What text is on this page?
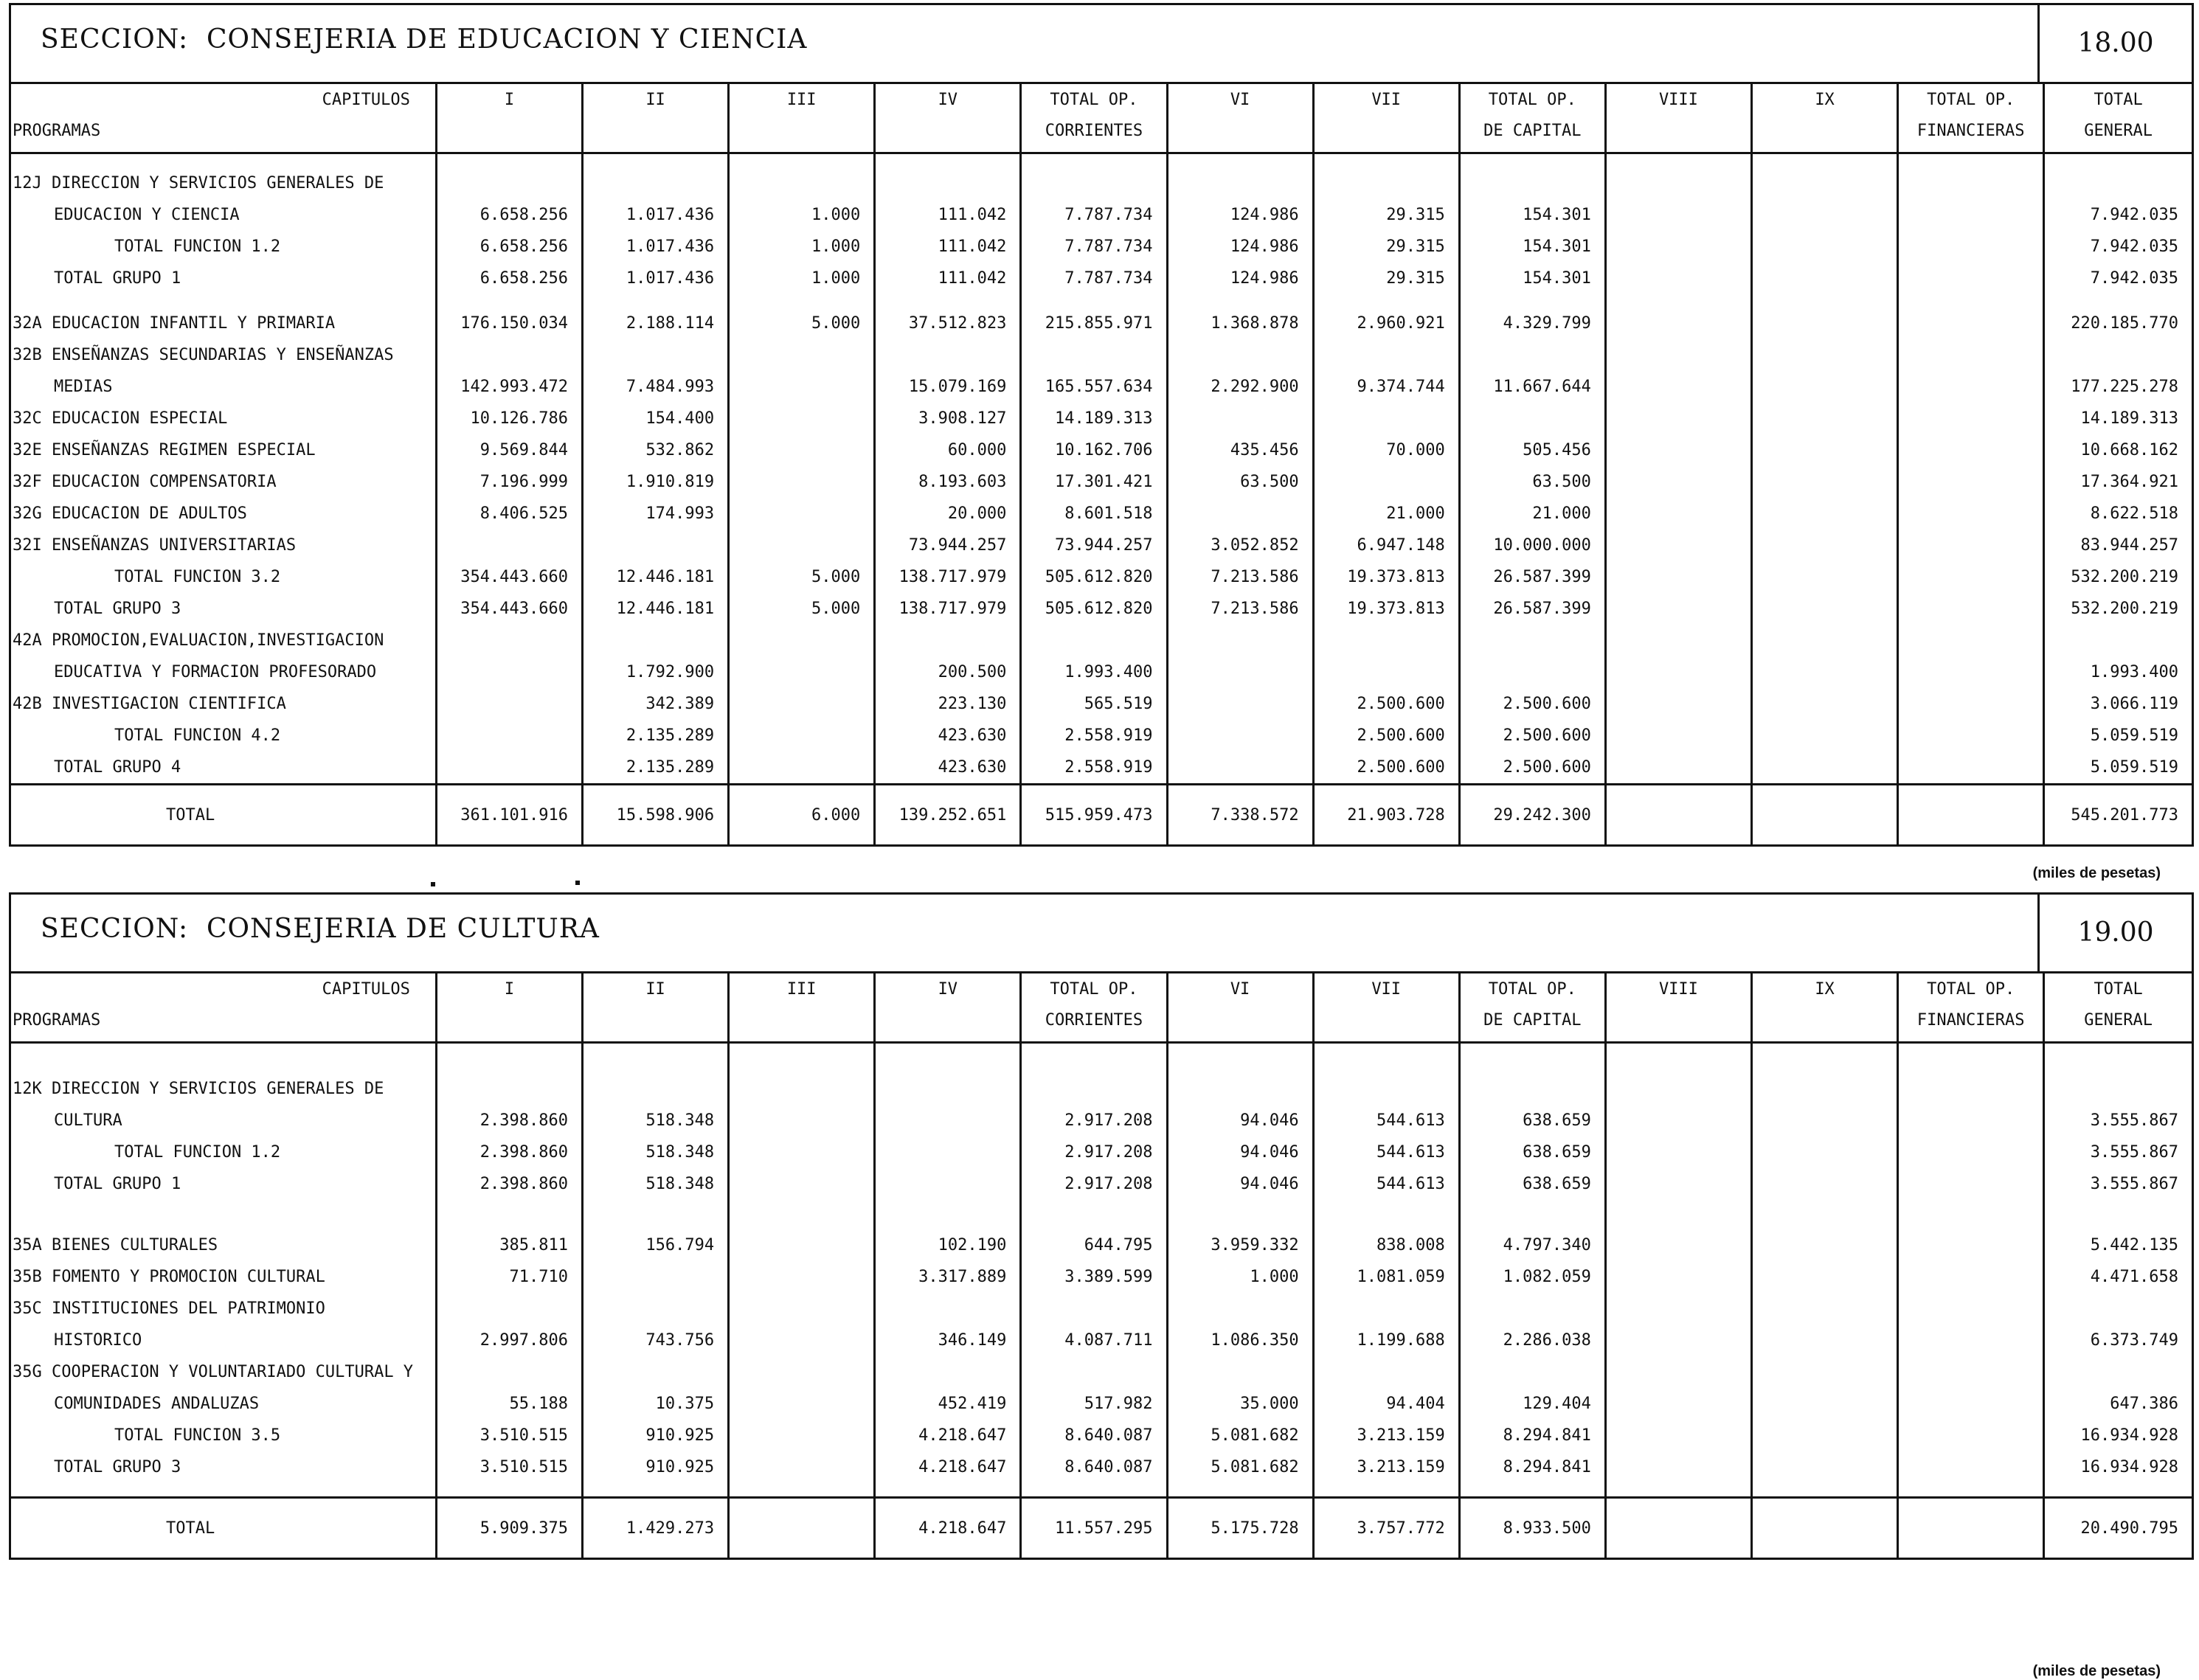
SECCION:  CONSEJERIA DE EDUCACION Y CIENCIA	18.00
CAPITULOS	I	II	III	IV	TOTAL OP.	VI	VII	TOTAL OP.	VIII	IX	TOTAL OP.	TOTAL
PROGRAMAS					CORRIENTES			DE CAPITAL			FINANCIERAS	GENERAL

12J DIRECCION Y SERVICIOS GENERALES DE												
EDUCACION Y CIENCIA	6.658.256	1.017.436	1.000	111.042	7.787.734	124.986	29.315	154.301				7.942.035
TOTAL FUNCION 1.2	6.658.256	1.017.436	1.000	111.042	7.787.734	124.986	29.315	154.301				7.942.035
TOTAL GRUPO 1	6.658.256	1.017.436	1.000	111.042	7.787.734	124.986	29.315	154.301				7.942.035

32A EDUCACION INFANTIL Y PRIMARIA	176.150.034	2.188.114	5.000	37.512.823	215.855.971	1.368.878	2.960.921	4.329.799				220.185.770
32B ENSEÑANZAS SECUNDARIAS Y ENSEÑANZAS												
MEDIAS	142.993.472	7.484.993		15.079.169	165.557.634	2.292.900	9.374.744	11.667.644				177.225.278
32C EDUCACION ESPECIAL	10.126.786	154.400		3.908.127	14.189.313							14.189.313
32E ENSEÑANZAS REGIMEN ESPECIAL	9.569.844	532.862		60.000	10.162.706	435.456	70.000	505.456				10.668.162
32F EDUCACION COMPENSATORIA	7.196.999	1.910.819		8.193.603	17.301.421	63.500		63.500				17.364.921
32G EDUCACION DE ADULTOS	8.406.525	174.993		20.000	8.601.518		21.000	21.000				8.622.518
32I ENSEÑANZAS UNIVERSITARIAS				73.944.257	73.944.257	3.052.852	6.947.148	10.000.000				83.944.257
TOTAL FUNCION 3.2	354.443.660	12.446.181	5.000	138.717.979	505.612.820	7.213.586	19.373.813	26.587.399				532.200.219
TOTAL GRUPO 3	354.443.660	12.446.181	5.000	138.717.979	505.612.820	7.213.586	19.373.813	26.587.399				532.200.219
42A PROMOCION,EVALUACION,INVESTIGACION												
EDUCATIVA Y FORMACION PROFESORADO		1.792.900		200.500	1.993.400							1.993.400
42B INVESTIGACION CIENTIFICA		342.389		223.130	565.519		2.500.600	2.500.600				3.066.119
TOTAL FUNCION 4.2		2.135.289		423.630	2.558.919		2.500.600	2.500.600				5.059.519
TOTAL GRUPO 4		2.135.289		423.630	2.558.919		2.500.600	2.500.600				5.059.519
TOTAL	361.101.916	15.598.906	6.000	139.252.651	515.959.473	7.338.572	21.903.728	29.242.300				545.201.773
(miles de pesetas)
SECCION:  CONSEJERIA DE CULTURA	19.00
CAPITULOS	I	II	III	IV	TOTAL OP.	VI	VII	TOTAL OP.	VIII	IX	TOTAL OP.	TOTAL
PROGRAMAS					CORRIENTES			DE CAPITAL			FINANCIERAS	GENERAL

12K DIRECCION Y SERVICIOS GENERALES DE												
CULTURA	2.398.860	518.348			2.917.208	94.046	544.613	638.659				3.555.867
TOTAL FUNCION 1.2	2.398.860	518.348			2.917.208	94.046	544.613	638.659				3.555.867
TOTAL GRUPO 1	2.398.860	518.348			2.917.208	94.046	544.613	638.659				3.555.867

35A BIENES CULTURALES	385.811	156.794		102.190	644.795	3.959.332	838.008	4.797.340				5.442.135
35B FOMENTO Y PROMOCION CULTURAL	71.710			3.317.889	3.389.599	1.000	1.081.059	1.082.059				4.471.658
35C INSTITUCIONES DEL PATRIMONIO												
HISTORICO	2.997.806	743.756		346.149	4.087.711	1.086.350	1.199.688	2.286.038				6.373.749
35G COOPERACION Y VOLUNTARIADO CULTURAL Y												
COMUNIDADES ANDALUZAS	55.188	10.375		452.419	517.982	35.000	94.404	129.404				647.386
TOTAL FUNCION 3.5	3.510.515	910.925		4.218.647	8.640.087	5.081.682	3.213.159	8.294.841				16.934.928
TOTAL GRUPO 3	3.510.515	910.925		4.218.647	8.640.087	5.081.682	3.213.159	8.294.841				16.934.928

TOTAL	5.909.375	1.429.273		4.218.647	11.557.295	5.175.728	3.757.772	8.933.500				20.490.795
(miles de pesetas)
